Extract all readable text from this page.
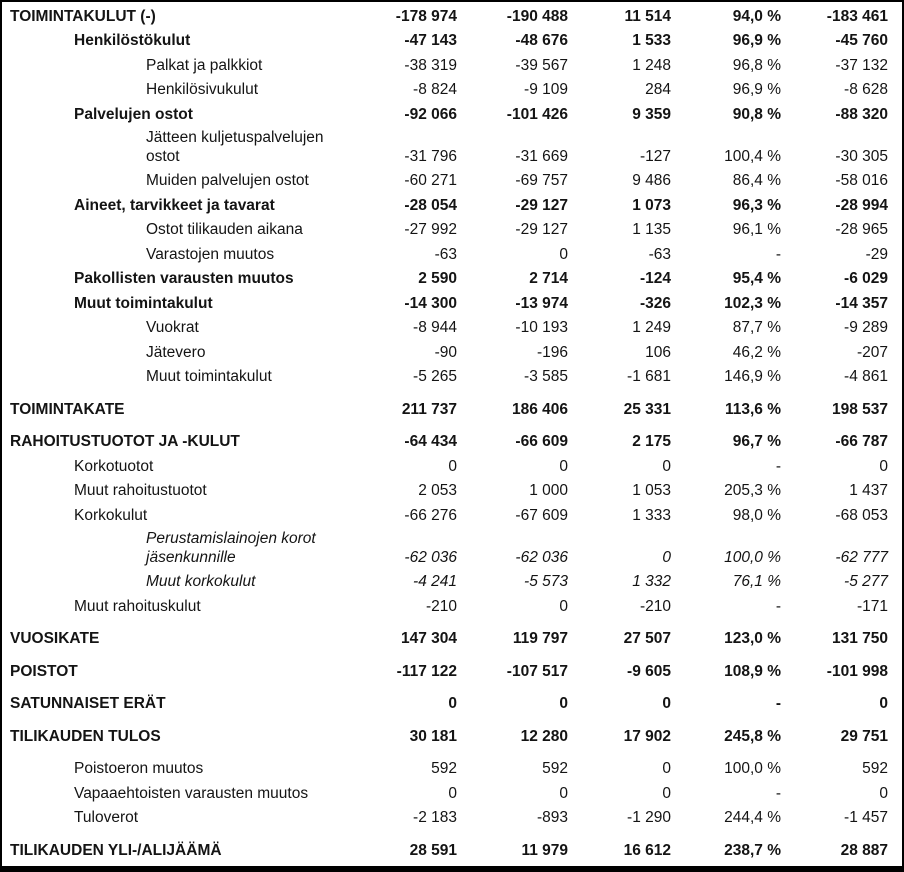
TOIMINTAKULUT (-)	-178 974	-190 488	11 514	94,0 %	-183 461
Henkilöstökulut	-47 143	-48 676	1 533	96,9 %	-45 760
Palkat ja palkkiot	-38 319	-39 567	1 248	96,8 %	-37 132
Henkilösivukulut	-8 824	-9 109	284	96,9 %	-8 628
Palvelujen ostot	-92 066	-101 426	9 359	90,8 %	-88 320
Jätteen kuljetuspalvelujen ostot	-31 796	-31 669	-127	100,4 %	-30 305
Muiden palvelujen ostot	-60 271	-69 757	9 486	86,4 %	-58 016
Aineet, tarvikkeet ja tavarat	-28 054	-29 127	1 073	96,3 %	-28 994
Ostot tilikauden aikana	-27 992	-29 127	1 135	96,1 %	-28 965
Varastojen muutos	-63	0	-63	-	-29
Pakollisten varausten muutos	2 590	2 714	-124	95,4 %	-6 029
Muut toimintakulut	-14 300	-13 974	-326	102,3 %	-14 357
Vuokrat	-8 944	-10 193	1 249	87,7 %	-9 289
Jätevero	-90	-196	106	46,2 %	-207
Muut toimintakulut	-5 265	-3 585	-1 681	146,9 %	-4 861
TOIMINTAKATE	211 737	186 406	25 331	113,6 %	198 537
RAHOITUSTUOTOT JA -KULUT	-64 434	-66 609	2 175	96,7 %	-66 787
Korkotuotot	0	0	0	-	0
Muut rahoitustuotot	2 053	1 000	1 053	205,3 %	1 437
Korkokulut	-66 276	-67 609	1 333	98,0 %	-68 053
Perustamislainojen korot jäsenkunnille	-62 036	-62 036	0	100,0 %	-62 777
Muut korkokulut	-4 241	-5 573	1 332	76,1 %	-5 277
Muut rahoituskulut	-210	0	-210	-	-171
VUOSIKATE	147 304	119 797	27 507	123,0 %	131 750
POISTOT	-117 122	-107 517	-9 605	108,9 %	-101 998
SATUNNAISET ERÄT	0	0	0	-	0
TILIKAUDEN TULOS	30 181	12 280	17 902	245,8 %	29 751
Poistoeron muutos	592	592	0	100,0 %	592
Vapaaehtoisten varausten muutos	0	0	0	-	0
Tuloverot	-2 183	-893	-1 290	244,4 %	-1 457
TILIKAUDEN YLI-/ALIJÄÄMÄ	28 591	11 979	16 612	238,7 %	28 887
